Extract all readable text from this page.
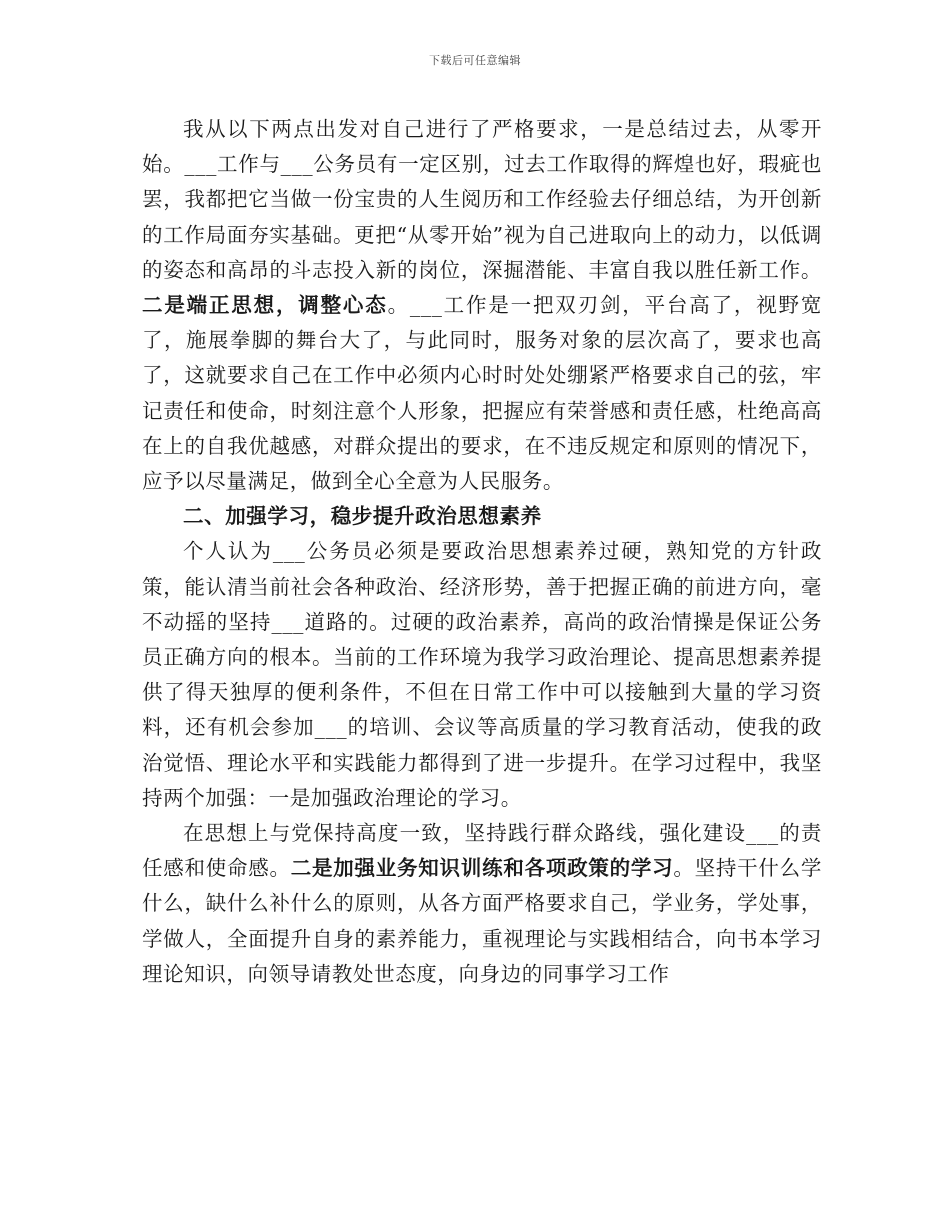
下载后可任意编辑

我从以下两点出发对自己进行了严格要求，一是总结过去，从零开始。___工作与___公务员有一定区别，过去工作取得的辉煌也好，瑕疵也罢，我都把它当做一份宝贵的人生阅历和工作经验去仔细总结，为开创新的工作局面夯实基础。更把“从零开始”视为自己进取向上的动力，以低调的姿态和高昂的斗志投入新的岗位，深掘潜能、丰富自我以胜任新工作。二是端正思想，调整心态。___工作是一把双刃剑，平台高了，视野宽了，施展拳脚的舞台大了，与此同时，服务对象的层次高了，要求也高了，这就要求自己在工作中必须内心时时处处绷紧严格要求自己的弦，牢记责任和使命，时刻注意个人形象，把握应有荣誉感和责任感，杜绝高高在上的自我优越感，对群众提出的要求，在不违反规定和原则的情况下，应予以尽量满足，做到全心全意为人民服务。

二、加强学习，稳步提升政治思想素养

个人认为___公务员必须是要政治思想素养过硬，熟知党的方针政策，能认清当前社会各种政治、经济形势，善于把握正确的前进方向，毫不动摇的坚持___道路的。过硬的政治素养，高尚的政治情操是保证公务员正确方向的根本。当前的工作环境为我学习政治理论、提高思想素养提供了得天独厚的便利条件，不但在日常工作中可以接触到大量的学习资料，还有机会参加___的培训、会议等高质量的学习教育活动，使我的政治觉悟、理论水平和实践能力都得到了进一步提升。在学习过程中，我坚持两个加强：一是加强政治理论的学习。

在思想上与党保持高度一致，坚持践行群众路线，强化建设___的责任感和使命感。二是加强业务知识训练和各项政策的学习。坚持干什么学什么，缺什么补什么的原则，从各方面严格要求自己，学业务，学处事，学做人，全面提升自身的素养能力，重视理论与实践相结合，向书本学习理论知识，向领导请教处世态度，向身边的同事学习工作
